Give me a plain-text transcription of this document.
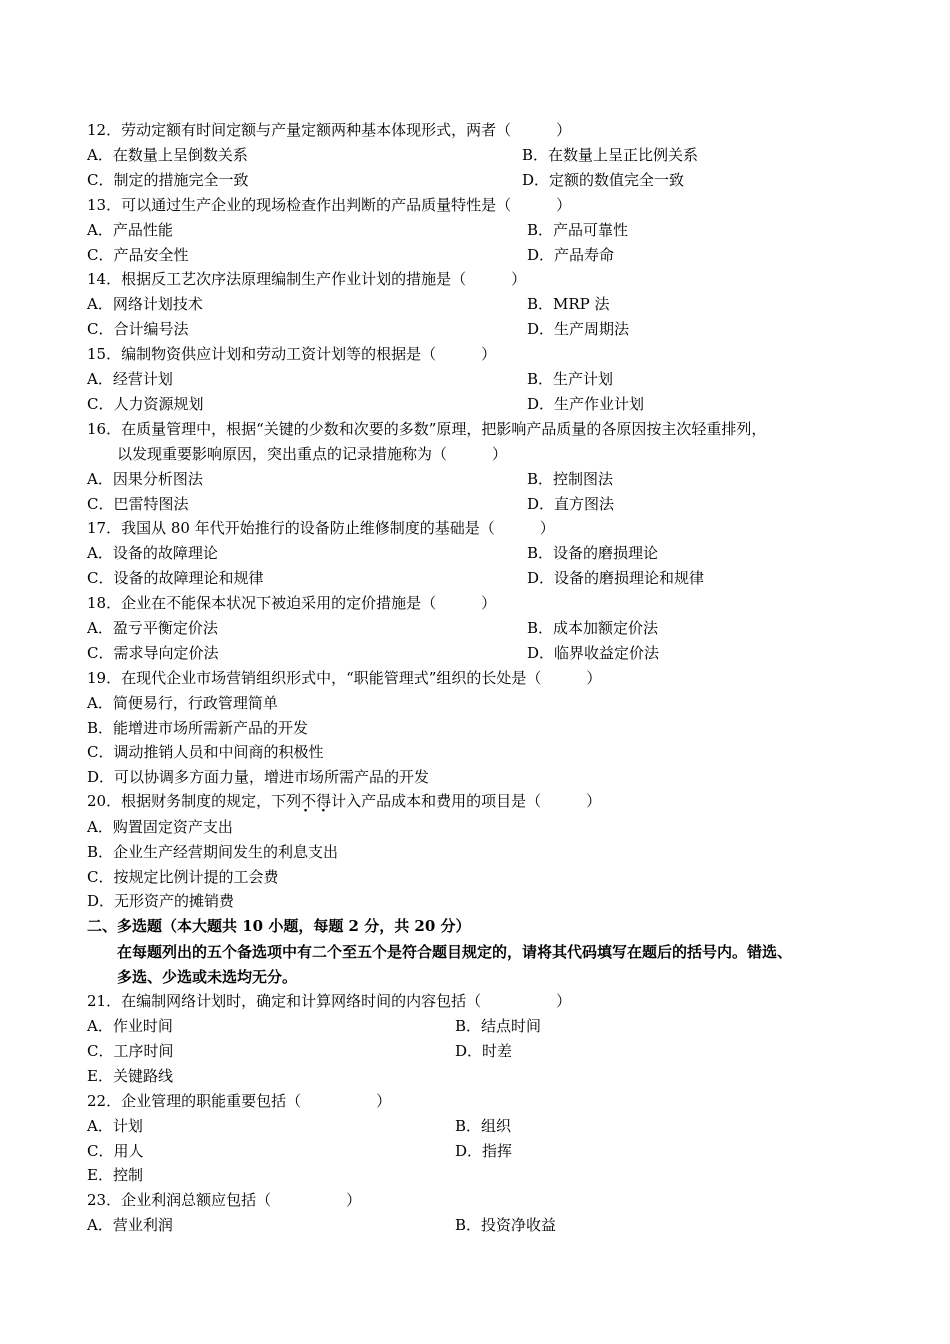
12．劳动定额有时间定额与产量定额两种基本体现形式，两者（　　　）
A．在数量上呈倒数关系	B．在数量上呈正比例关系
C．制定的措施完全一致	D．定额的数值完全一致
13．可以通过生产企业的现场检查作出判断的产品质量特性是（　　　）
A．产品性能	B．产品可靠性
C．产品安全性	D．产品寿命
14．根据反工艺次序法原理编制生产作业计划的措施是（　　　）
A．网络计划技术	B．MRP 法
C．合计编号法	D．生产周期法
15．编制物资供应计划和劳动工资计划等的根据是（　　　）
A．经营计划	B．生产计划
C．人力资源规划	D．生产作业计划
16．在质量管理中，根据“关键的少数和次要的多数”原理，把影响产品质量的各原因按主次轻重排列，
以发现重要影响原因，突出重点的记录措施称为（　　　）
A．因果分析图法	B．控制图法
C．巴雷特图法	D．直方图法
17．我国从 80 年代开始推行的设备防止维修制度的基础是（　　　）
A．设备的故障理论	B．设备的磨损理论
C．设备的故障理论和规律	D．设备的磨损理论和规律
18．企业在不能保本状况下被迫采用的定价措施是（　　　）
A．盈亏平衡定价法	B．成本加额定价法
C．需求导向定价法	D．临界收益定价法
19．在现代企业市场营销组织形式中，“职能管理式”组织的长处是（　　　）
A．简便易行，行政管理简单
B．能增进市场所需新产品的开发
C．调动推销人员和中间商的积极性
D．可以协调多方面力量，增进市场所需产品的开发
20．根据财务制度的规定，下列不得 · ·计入产品成本和费用的项目是（　　　）
A．购置固定资产支出
B．企业生产经营期间发生的利息支出
C．按规定比例计提的工会费
D．无形资产的摊销费
二、多选题（本大题共 10 小题，每题 2 分，共 20 分）
在每题列出的五个备选项中有二个至五个是符合题目规定的，请将其代码填写在题后的括号内。错选、
多选、少选或未选均无分。
21．在编制网络计划时，确定和计算网络时间的内容包括（　　　　　）
A．作业时间	B．结点时间
C．工序时间	D．时差
E．关键路线
22．企业管理的职能重要包括（　　　　　）
A．计划	B．组织
C．用人	D．指挥
E．控制
23．企业利润总额应包括（　　　　　）
A．营业利润	B．投资净收益
